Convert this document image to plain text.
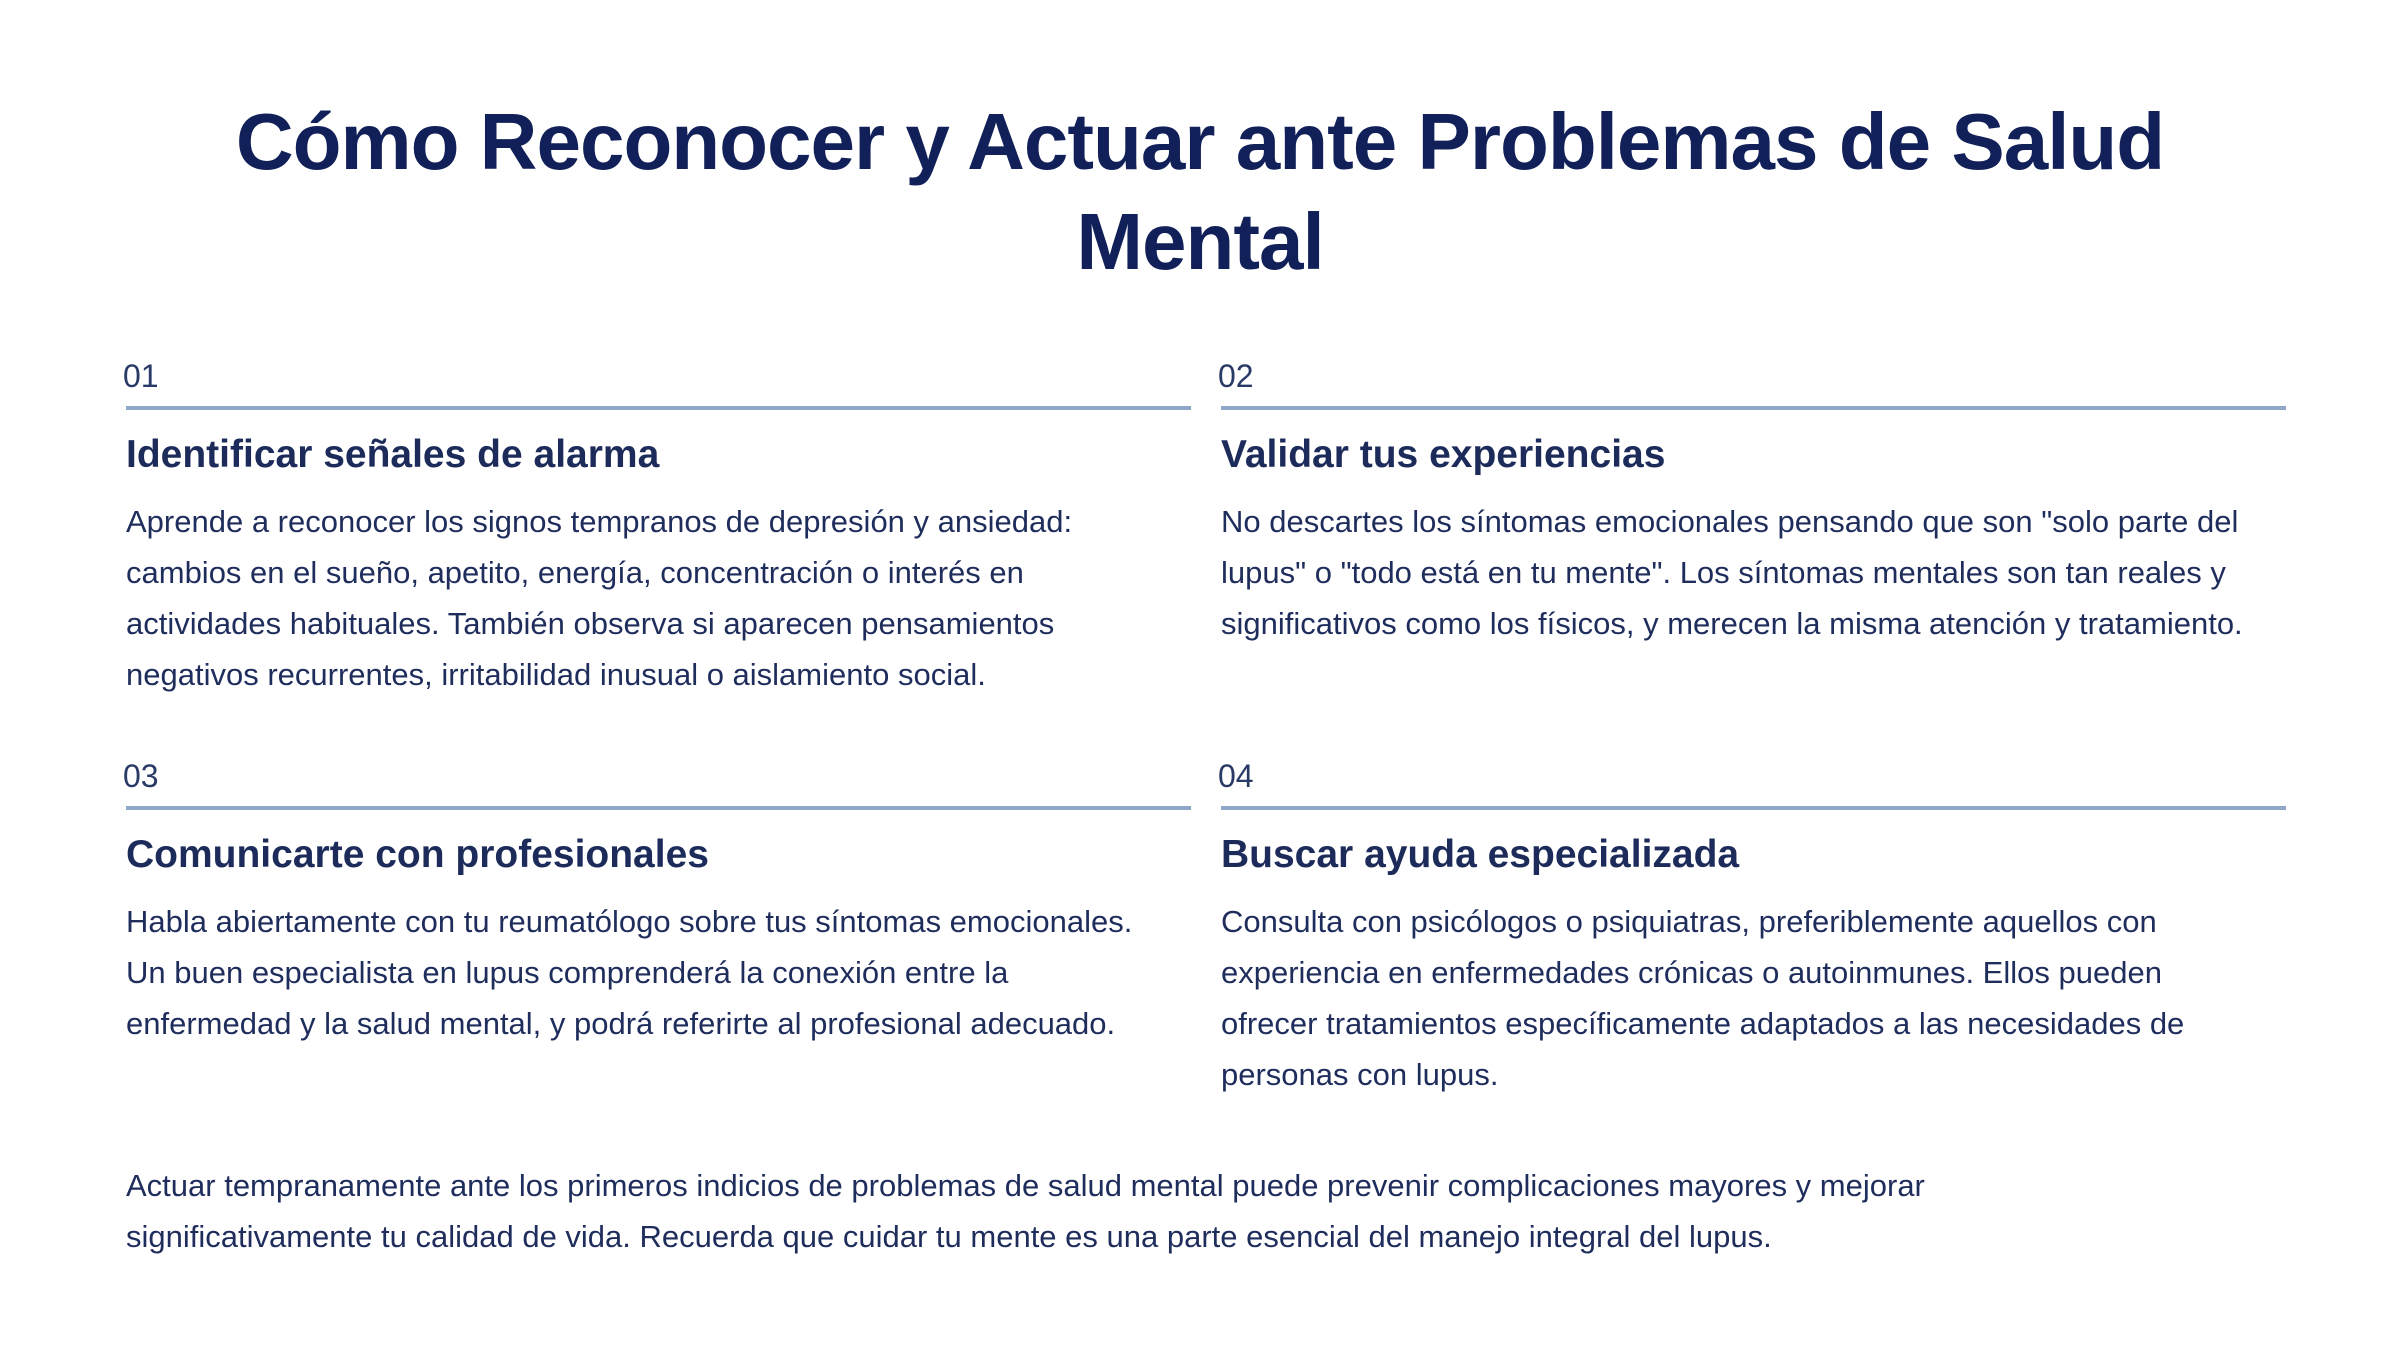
Cómo Reconocer y Actuar ante Problemas de Salud Mental
01
Identificar señales de alarma
Aprende a reconocer los signos tempranos de depresión y ansiedad: cambios en el sueño, apetito, energía, concentración o interés en actividades habituales. También observa si aparecen pensamientos negativos recurrentes, irritabilidad inusual o aislamiento social.
02
Validar tus experiencias
No descartes los síntomas emocionales pensando que son "solo parte del lupus" o "todo está en tu mente". Los síntomas mentales son tan reales y significativos como los físicos, y merecen la misma atención y tratamiento.
03
Comunicarte con profesionales
Habla abiertamente con tu reumatólogo sobre tus síntomas emocionales. Un buen especialista en lupus comprenderá la conexión entre la enfermedad y la salud mental, y podrá referirte al profesional adecuado.
04
Buscar ayuda especializada
Consulta con psicólogos o psiquiatras, preferiblemente aquellos con experiencia en enfermedades crónicas o autoinmunes. Ellos pueden ofrecer tratamientos específicamente adaptados a las necesidades de personas con lupus.

Actuar tempranamente ante los primeros indicios de problemas de salud mental puede prevenir complicaciones mayores y mejorar significativamente tu calidad de vida. Recuerda que cuidar tu mente es una parte esencial del manejo integral del lupus.
